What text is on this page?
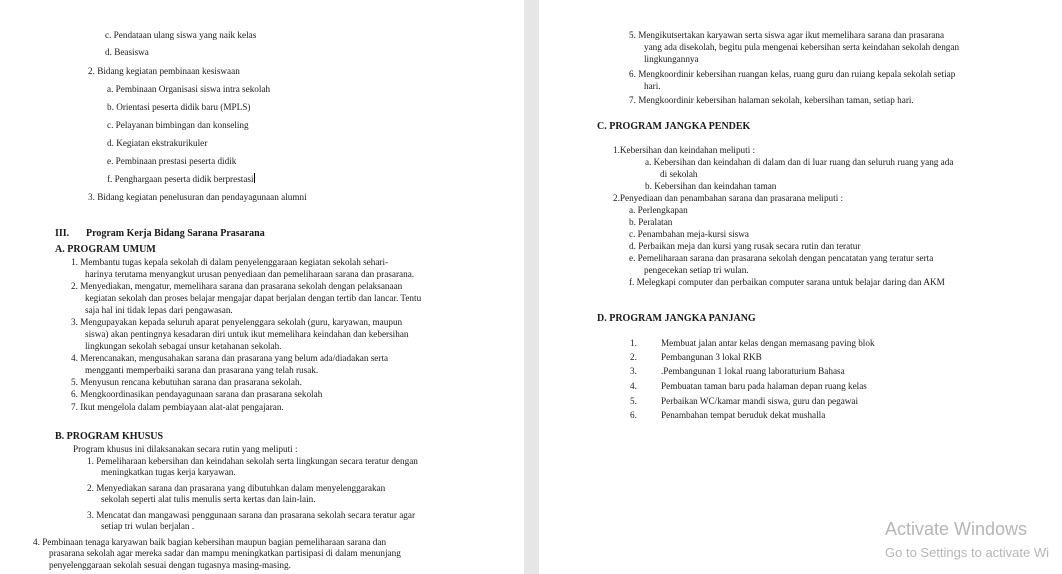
c. Pendataan ulang siswa yang naik kelas
d. Beasiswa
2. Bidang kegiatan pembinaan kesiswaan
a. Pembinaan Organisasi siswa intra sekolah
b. Orientasi peserta didik baru (MPLS)
c. Pelayanan bimbingan dan konseling
d. Kegiatan ekstrakurikuler
e. Pembinaan prestasi peserta didik
f. Penghargaan peserta didik berprestasi
3. Bidang kegiatan penelusuran dan pendayagunaan alumni
III. Program Kerja Bidang Sarana Prasarana
A. PROGRAM UMUM
1. Membantu tugas kepala sekolah di dalam penyelenggaraan kegiatan sekolah sehari-
harinya terutama menyangkut urusan penyediaan dan pemeliharaan sarana dan prasarana.
2. Menyediakan, mengatur, memelihara sarana dan prasarana sekolah dengan pelaksanaan
kegiatan sekolah dan proses belajar mengajar dapat berjalan dengan tertib dan lancar. Tentu
saja hal ini tidak lepas dari pengawasan.
3. Mengupayakan kepada seluruh aparat penyelenggara sekolah (guru, karyawan, maupun
siswa) akan pentingnya kesadaran diri untuk ikut memelihara keindahan dan kebersihan
lingkungan sekolah sebagai unsur ketahanan sekolah.
4. Merencanakan, mengusahakan sarana dan prasarana yang belum ada/diadakan serta
mengganti memperbaiki sarana dan prasarana yang telah rusak.
5. Menyusun rencana kebutuhan sarana dan prasarana sekolah.
6. Mengkoordinasikan pendayagunaan sarana dan prasarana sekolah
7. Ikut mengelola dalam pembiayaan alat-alat pengajaran.
B. PROGRAM KHUSUS
Program khusus ini dilaksanakan secara rutin yang meliputi :
1. Pemeliharaan kebersihan dan keindahan sekolah serta lingkungan secara teratur dengan
meningkatkan tugas kerja karyawan.
2. Menyediakan sarana dan prasarana yang dibutuhkan dalam menyelenggarakan
sekolah seperti alat tulis menulis serta kertas dan lain-lain.
3. Mencatat dan mangawasi penggunaan sarana dan prasarana sekolah secara teratur agar
setiap tri wulan berjalan .
4. Pembinaan tenaga karyawan baik bagian kebersihan maupun bagian pemeliharaan sarana dan
prasarana sekolah agar mereka sadar dan mampu meningkatkan partisipasi di dalam menunjang
penyelenggaraan sekolah sesuai dengan tugasnya masing-masing.
5. Mengikutsertakan karyawan serta siswa agar ikut memelihara sarana dan prasarana
yang ada disekolah, begitu pula mengenai kebersihan serta keindahan sekolah dengan
lingkungannya
6. Mengkoordinir kebersihan ruangan kelas, ruang guru dan ruiang kepala sekolah setiap
hari.
7. Mengkoordinir kebersihan halaman sekolah, kebersihan taman, setiap hari.
C. PROGRAM JANGKA PENDEK
1.Kebersihan dan keindahan meliputi :
a. Kebersihan dan keindahan di dalam dan di luar ruang dan seluruh ruang yang ada
di sekolah
b. Kebersihan dan keindahan taman
2.Penyediaan dan penambahan sarana dan prasarana meliputi :
a. Perlengkapan
b. Peralatan
c. Penambahan meja-kursi siswa
d. Perbaikan meja dan kursi yang rusak secara rutin dan teratur
e. Pemeliharaan sarana dan prasarana sekolah dengan pencatatan yang teratur serta
pengecekan setiap tri wulan.
f. Melegkapi computer dan perbaikan computer sarana untuk belajar daring dan AKM
D. PROGRAM JANGKA PANJANG
1.	Membuat jalan antar kelas dengan memasang paving blok
2.	Pembangunan 3 lokal RKB
3.	.Pembangunan 1 lokal ruang laboraturium Bahasa
4.	Pembuatan taman baru pada halaman depan ruang kelas
5.	Perbaikan WC/kamar mandi siswa, guru dan pegawai
6.	Penambahan tempat beruduk dekat mushalla
Activate Windows
Go to Settings to activate Wi
